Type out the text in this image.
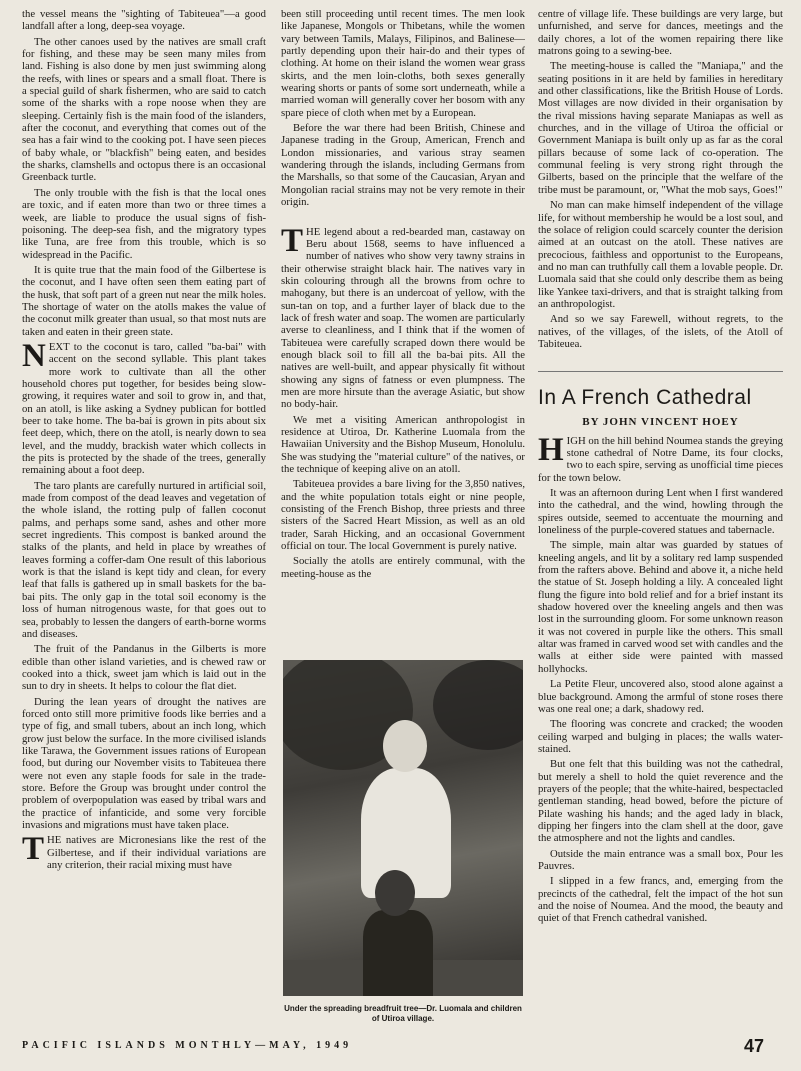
the vessel means the "sighting of Tabiteuea"—a good landfall after a long, deep-sea voyage.

The other canoes used by the natives are small craft for fishing, and these may be seen many miles from land. Fishing is also done by men just swimming along the reefs, with lines or spears and a small float. There is a special guild of shark fishermen, who are said to catch some of the sharks with a rope noose when they are sleeping. Certainly fish is the main food of the islanders, after the coconut, and everything that comes out of the sea has a fair wind to the cooking pot. I have seen pieces of baby whale, or "blackfish" being eaten, and besides the sharks, clamshells and octopus there is an occasional Greenback turtle.

The only trouble with the fish is that the local ones are toxic, and if eaten more than two or three times a week, are liable to produce the usual signs of fish-poisoning. The deep-sea fish, and the migratory types like Tuna, are free from this trouble, which is so widespread in the Pacific.

It is quite true that the main food of the Gilbertese is the coconut, and I have often seen them eating part of the husk, that soft part of a green nut near the milk holes. The shortage of water on the atolls makes the value of the coconut milk greater than usual, so that most nuts are taken and eaten in their green state.

NEXT to the coconut is taro, called "ba-bai" with accent on the second syllable. This plant takes more work to cultivate than all the other household chores put together, for besides being slow-growing, it requires water and soil to grow in, and that, on an atoll, is like asking a Sydney publican for bottled beer to take home. The ba-bai is grown in pits about six feet deep, which, there on the atoll, is nearly down to sea level, and the muddy, brackish water which collects in the pits is protected by the shade of the trees, generally remaining about a foot deep.

The taro plants are carefully nurtured in artificial soil, made from compost of the dead leaves and vegetation of the whole island, the rotting pulp of fallen coconut palms, and perhaps some sand, ashes and other more secret ingredients. This compost is banked around the stalks of the plants, and held in place by wreathes of leaves forming a coffer-dam One result of this laborious work is that the island is kept tidy and clean, for every leaf that falls is gathered up in small baskets for the ba-bai pits. The only gap in the total soil economy is the loss of human nitrogenous waste, for that goes out to sea, probably to lessen the dangers of earth-borne worms and diseases.

The fruit of the Pandanus in the Gilberts is more edible than other island varieties, and is chewed raw or cooked into a thick, sweet jam which is laid out in the sun to dry in sheets. It helps to colour the flat diet.

During the lean years of drought the natives are forced onto still more primitive foods like berries and a type of fig, and small tubers, about an inch long, which grow just below the surface. In the more civilised islands like Tarawa, the Government issues rations of European food, but during our November visits to Tabiteuea there were not even any staple foods for sale in the trade-store. Before the Group was brought under control the problem of overpopulation was eased by tribal wars and the practice of infanticide, and some very forcible invasions and migrations must have taken place.

THE natives are Micronesians like the rest of the Gilbertese, and if their individual variations are any criterion, their racial mixing must have

been still proceeding until recent times. The men look like Japanese, Mongols or Thibetans, while the women vary between Tamils, Malays, Filipinos, and Balinese—partly depending upon their hair-do and their types of clothing. At home on their island the women wear grass skirts, and the men loin-cloths, both sexes generally wearing shorts or pants of some sort underneath, while a married woman will generally cover her bosom with any spare piece of cloth when met by a European.

Before the war there had been British, Chinese and Japanese trading in the Group, American, French and London missionaries, and various stray seamen wandering through the islands, including Germans from the Marshalls, so that some of the Caucasian, Aryan and Mongolian racial strains may not be very remote in their origin.

THE legend about a red-bearded man, castaway on Beru about 1568, seems to have influenced a number of natives who show very tawny strains in their otherwise straight black hair. The natives vary in skin colouring through all the browns from ochre to mahogany, but there is an undercoat of yellow, with the sun-tan on top, and a further layer of black due to the lack of fresh water and soap. The women are particularly averse to cleanliness, and I think that if the women of Tabiteuea were carefully scraped down there would be enough black soil to fill all the ba-bai pits. All the natives are well-built, and appear physically fit without showing any signs of fatness or even plumpness. The men are more hirsute than the average Asiatic, but show no body-hair.

We met a visiting American anthropologist in residence at Utiroa, Dr. Katherine Luomala from the Hawaiian University and the Bishop Museum, Honolulu. She was studying the "material culture" of the natives, or the technique of keeping alive on an atoll.

Tabiteuea provides a bare living for the 3,850 natives, and the white population totals eight or nine people, consisting of the French Bishop, three priests and three sisters of the Sacred Heart Mission, as well as an old trader, Sarah Hicking, and an occasional Government official on tour. The local Government is purely native.

Socially the atolls are entirely communal, with the meeting-house as the

Under the spreading breadfruit tree—Dr. Luomala and children of Utiroa village.

centre of village life. These buildings are very large, but unfurnished, and serve for dances, meetings and the daily chores, a lot of the women repairing there like matrons going to a sewing-bee.

The meeting-house is called the "Maniapa," and the seating positions in it are held by families in hereditary and other classifications, like the British House of Lords. Most villages are now divided in their organisation by the rival missions having separate Maniapas as well as churches, and in the village of Utiroa the official or Government Maniapa is built only up as far as the coral pillars because of some lack of co-operation. The communal feeling is very strong right through the Gilberts, based on the principle that the welfare of the tribe must be paramount, or, "What the mob says, Goes!"

No man can make himself independent of the village life, for without membership he would be a lost soul, and the solace of religion could scarcely counter the derision aimed at an outcast on the atoll. These natives are precocious, faithless and opportunist to the Europeans, and no man can truthfully call them a lovable people. Dr. Luomala said that she could only describe them as being like Yankee taxi-drivers, and that is straight talking from an anthropologist.

And so we say Farewell, without regrets, to the natives, of the villages, of the islets, of the Atoll of Tabiteuea.

In A French Cathedral
BY JOHN VINCENT HOEY

HIGH on the hill behind Noumea stands the greying stone cathedral of Notre Dame, its four clocks, two to each spire, serving as unofficial time pieces for the town below.

It was an afternoon during Lent when I first wandered into the cathedral, and the wind, howling through the spires outside, seemed to accentuate the mourning and loneliness of the purple-covered statues and tabernacle.

The simple, main altar was guarded by statues of kneeling angels, and lit by a solitary red lamp suspended from the rafters above. Behind and above it, a niche held the statue of St. Joseph holding a lily. A concealed light flung the figure into bold relief and for a brief instant its shadow hovered over the kneeling angels and then was lost in the surrounding gloom. For some unknown reason it was not covered in purple like the others. This small altar was framed in carved wood set with candles and the walls at either side were painted with massed hollyhocks.

La Petite Fleur, uncovered also, stood alone against a blue background. Among the armful of stone roses there was one real one; a dark, shadowy red.

The flooring was concrete and cracked; the wooden ceiling warped and bulging in places; the walls water-stained.

But one felt that this building was not the cathedral, but merely a shell to hold the quiet reverence and the prayers of the people; that the white-haired, bespectacled gentleman standing, head bowed, before the picture of Pilate washing his hands; and the aged lady in black, dipping her fingers into the clam shell at the door, gave the atmosphere and not the lights and candles.

Outside the main entrance was a small box, Pour les Pauvres.

I slipped in a few francs, and, emerging from the precincts of the cathedral, felt the impact of the hot sun and the noise of Noumea. And the mood, the beauty and quiet of that French cathedral vanished.

PACIFIC ISLANDS MONTHLY—MAY, 1949	47
